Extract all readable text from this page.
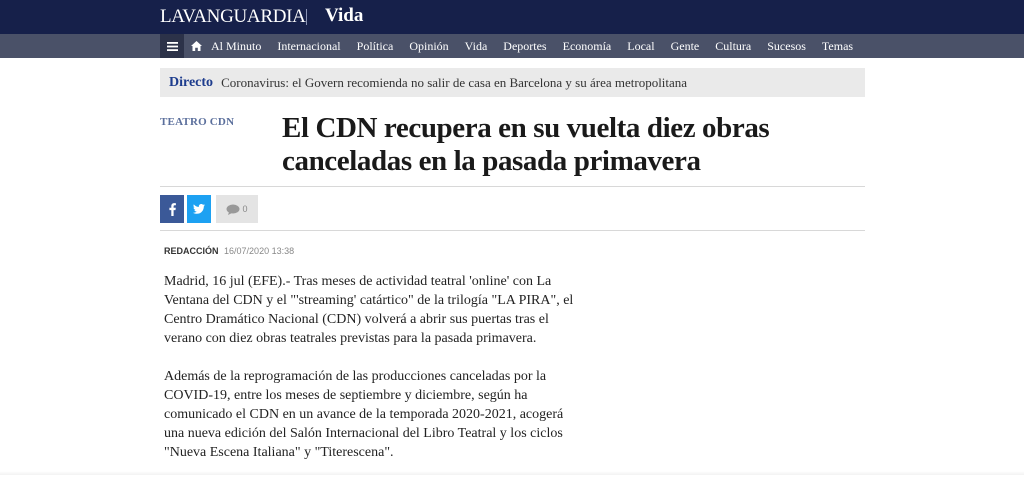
LAVANGUARDIA Vida
Al Minuto Internacional Política Opinión Vida Deportes Economía Local Gente Cultura Sucesos Temas
Directo Coronavirus: el Govern recomienda no salir de casa en Barcelona y su área metropolitana
TEATRO CDN El CDN recupera en su vuelta diez obras canceladas en la pasada primavera
0
REDACCIÓN 16/07/2020 13:38

Madrid, 16 jul (EFE).- Tras meses de actividad teatral 'online' con La Ventana del CDN y el "'streaming' catártico" de la trilogía "LA PIRA", el Centro Dramático Nacional (CDN) volverá a abrir sus puertas tras el verano con diez obras teatrales previstas para la pasada primavera.

Además de la reprogramación de las producciones canceladas por la COVID-19, entre los meses de septiembre y diciembre, según ha comunicado el CDN en un avance de la temporada 2020-2021, acogerá una nueva edición del Salón Internacional del Libro Teatral y los ciclos "Nueva Escena Italiana" y "Titerescena".
